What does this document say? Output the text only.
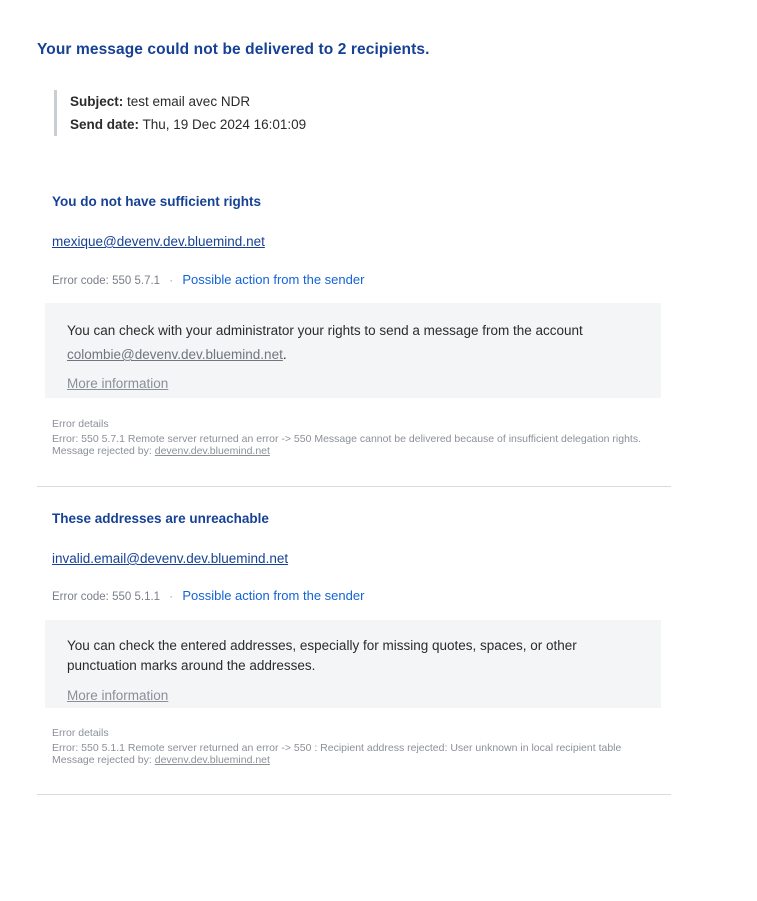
Your message could not be delivered to 2 recipients.
Subject: test email avec NDR
Send date: Thu, 19 Dec 2024 16:01:09
You do not have sufficient rights
mexique@devenv.dev.bluemind.net
Error code: 550 5.7.1 · Possible action from the sender
You can check with your administrator your rights to send a message from the account colombie@devenv.dev.bluemind.net.
More information
Error details
Error: 550 5.7.1 Remote server returned an error -> 550 Message cannot be delivered because of insufficient delegation rights.
Message rejected by: devenv.dev.bluemind.net
These addresses are unreachable
invalid.email@devenv.dev.bluemind.net
Error code: 550 5.1.1 · Possible action from the sender
You can check the entered addresses, especially for missing quotes, spaces, or other punctuation marks around the addresses.
More information
Error details
Error: 550 5.1.1 Remote server returned an error -> 550 : Recipient address rejected: User unknown in local recipient table
Message rejected by: devenv.dev.bluemind.net
